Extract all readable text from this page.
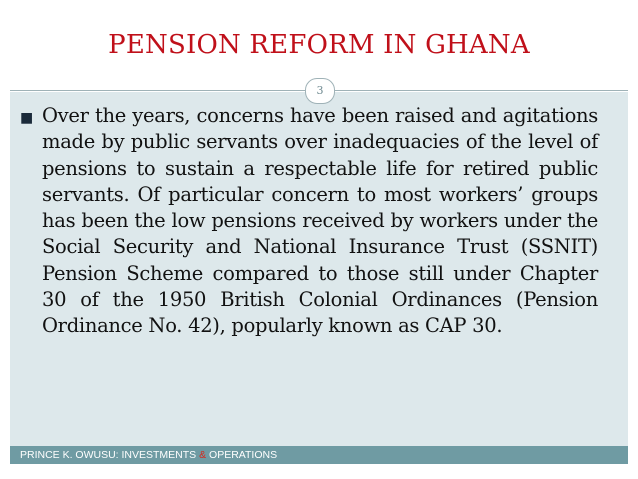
PENSION REFORM IN GHANA
■ Over the years, concerns have been raised and agitations made by public servants over inadequacies of the level of pensions to sustain a respectable life for retired public servants. Of particular concern to most workers’ groups has been the low pensions received by workers under the Social Security and National Insurance Trust (SSNIT) Pension Scheme compared to those still under Chapter 30 of the 1950 British Colonial Ordinances (Pension Ordinance No. 42), popularly known as CAP 30.

3
PRINCE K. OWUSU: INVESTMENTS & OPERATIONS
